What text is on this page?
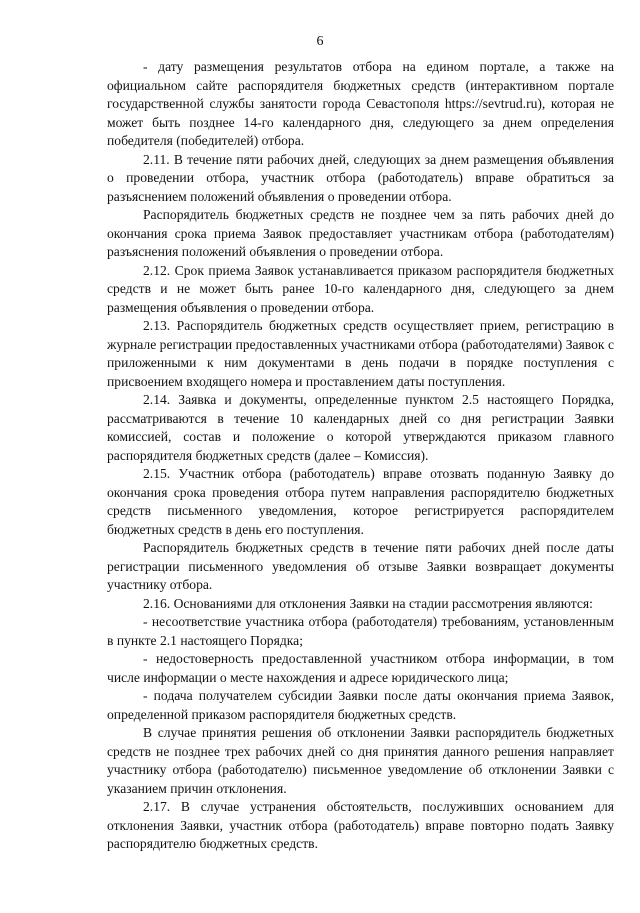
6

- дату размещения результатов отбора на едином портале, а также на официальном сайте распорядителя бюджетных средств (интерактивном портале государственной службы занятости города Севастополя https://sevtrud.ru), которая не может быть позднее 14-го календарного дня, следующего за днем определения победителя (победителей) отбора.

2.11. В течение пяти рабочих дней, следующих за днем размещения объявления о проведении отбора, участник отбора (работодатель) вправе обратиться за разъяснением положений объявления о проведении отбора.

Распорядитель бюджетных средств не позднее чем за пять рабочих дней до окончания срока приема Заявок предоставляет участникам отбора (работодателям) разъяснения положений объявления о проведении отбора.

2.12. Срок приема Заявок устанавливается приказом распорядителя бюджетных средств и не может быть ранее 10-го календарного дня, следующего за днем размещения объявления о проведении отбора.

2.13. Распорядитель бюджетных средств осуществляет прием, регистрацию в журнале регистрации предоставленных участниками отбора (работодателями) Заявок с приложенными к ним документами в день подачи в порядке поступления с присвоением входящего номера и проставлением даты поступления.

2.14. Заявка и документы, определенные пунктом 2.5 настоящего Порядка, рассматриваются в течение 10 календарных дней со дня регистрации Заявки комиссией, состав и положение о которой утверждаются приказом главного распорядителя бюджетных средств (далее – Комиссия).

2.15. Участник отбора (работодатель) вправе отозвать поданную Заявку до окончания срока проведения отбора путем направления распорядителю бюджетных средств письменного уведомления, которое регистрируется распорядителем бюджетных средств в день его поступления.

Распорядитель бюджетных средств в течение пяти рабочих дней после даты регистрации письменного уведомления об отзыве Заявки возвращает документы участнику отбора.

2.16. Основаниями для отклонения Заявки на стадии рассмотрения являются:

- несоответствие участника отбора (работодателя) требованиям, установленным в пункте 2.1 настоящего Порядка;

- недостоверность предоставленной участником отбора информации, в том числе информации о месте нахождения и адресе юридического лица;

- подача получателем субсидии Заявки после даты окончания приема Заявок, определенной приказом распорядителя бюджетных средств.

В случае принятия решения об отклонении Заявки распорядитель бюджетных средств не позднее трех рабочих дней со дня принятия данного решения направляет участнику отбора (работодателю) письменное уведомление об отклонении Заявки с указанием причин отклонения.

2.17. В случае устранения обстоятельств, послуживших основанием для отклонения Заявки, участник отбора (работодатель) вправе повторно подать Заявку распорядителю бюджетных средств.
